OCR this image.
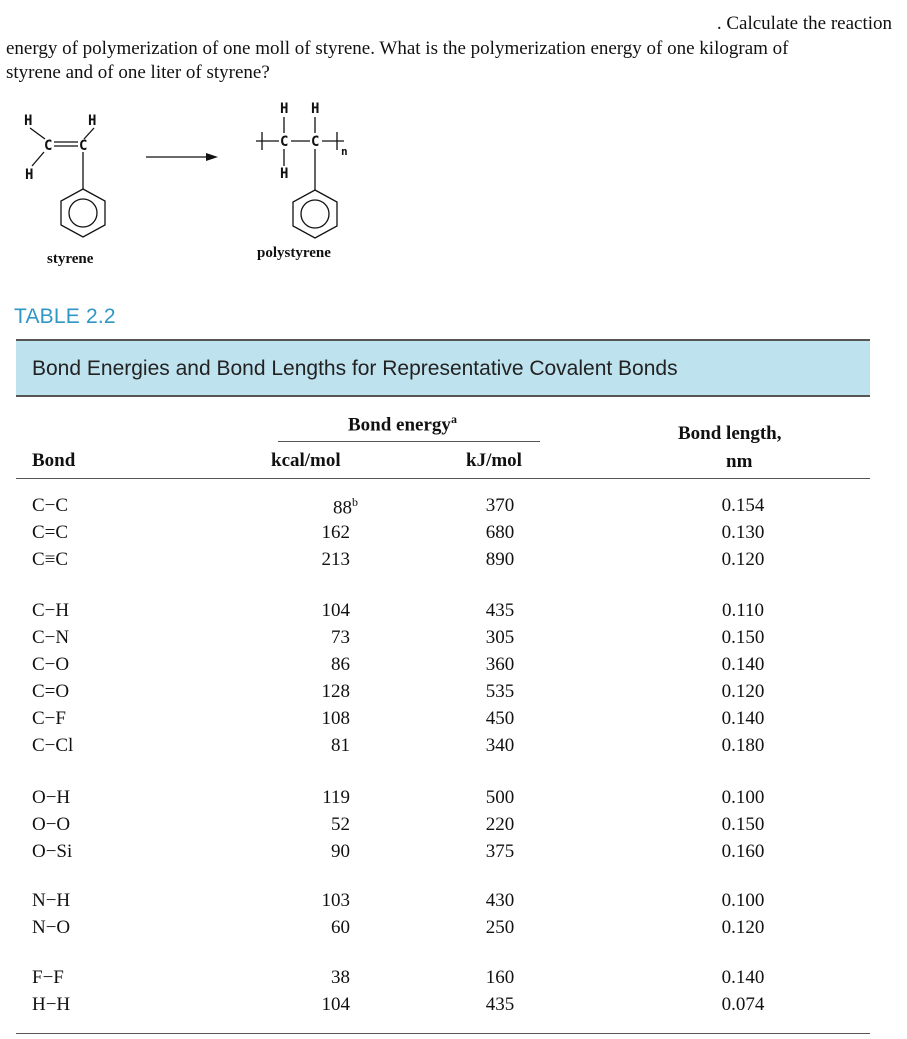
. Calculate the reaction
energy of polymerization of one moll of styrene. What is the polymerization energy of one kilogram of
styrene and of one liter of styrene?
H	H
C C
H
H H
C C
H
n
styrene	polystyrene
TABLE 2.2
Bond Energies and Bond Lengths for Representative Covalent Bonds
Bond energy$^a$
Bond	kcal/mol	kJ/mol
Bond length,
nm
C−C	88$^b$	370	0.154
C=C	162	680	0.130
C≡C	213	890	0.120
C−H	104	435	0.110
C−N	73	305	0.150
C−O	86	360	0.140
C=O	128	535	0.120
C−F	108	450	0.140
C−Cl	81	340	0.180
O−H	119	500	0.100
O−O	52	220	0.150
O−Si	90	375	0.160
N−H	103	430	0.100
N−O	60	250	0.120
F−F	38	160	0.140
H−H	104	435	0.074
